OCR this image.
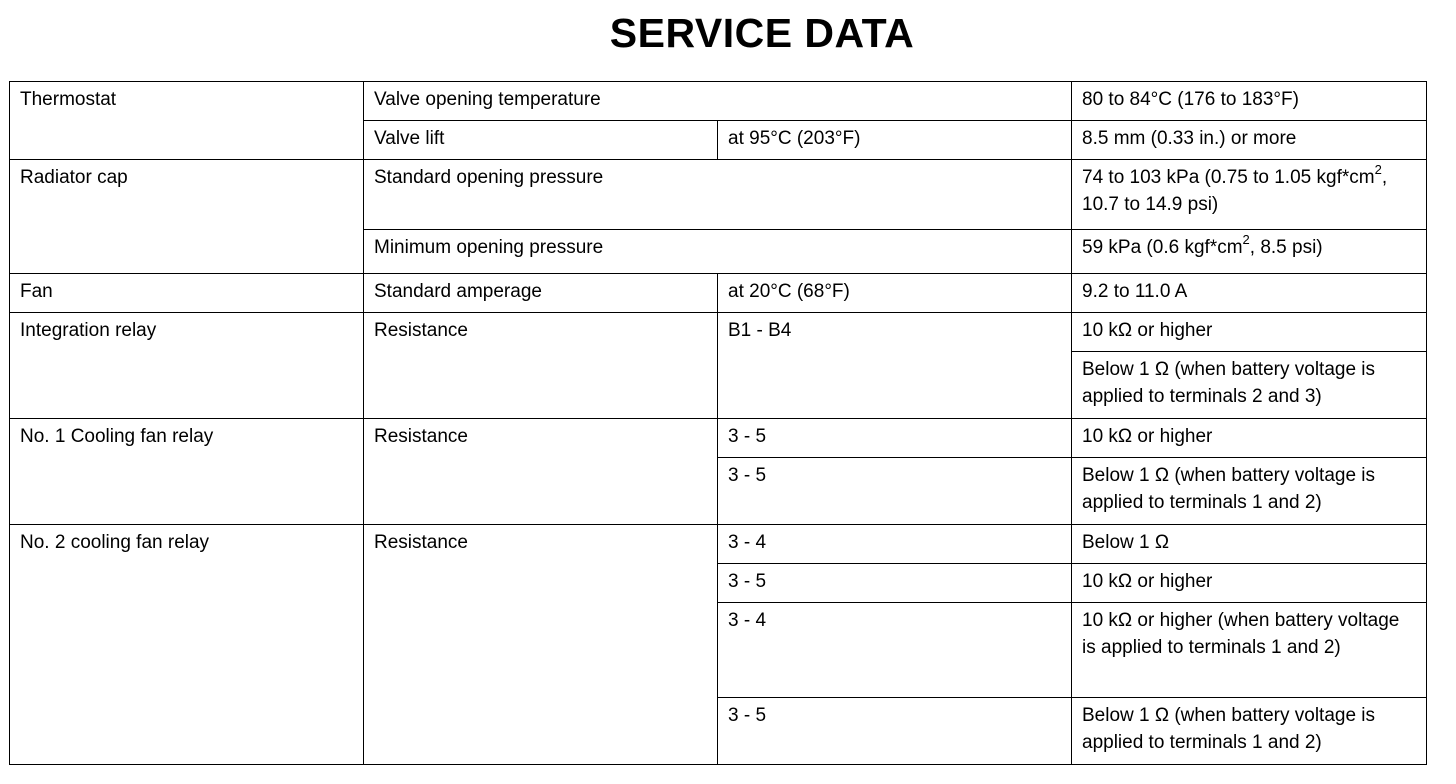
SERVICE DATA
Thermostat	Valve opening temperature		80 to 84°C (176 to 183°F)
	Valve lift	at 95°C (203°F)	8.5 mm (0.33 in.) or more
Radiator cap	Standard opening pressure		74 to 103 kPa (0.75 to 1.05 $kgf*cm^2$, 10.7 to 14.9 psi)
	Minimum opening pressure		59 kPa (0.6 $kgf*cm^2$, 8.5 psi)
Fan	Standard amperage	at 20°C (68°F)	9.2 to 11.0 A
Integration relay	Resistance	B1 - B4	10 kΩ or higher
			Below 1 Ω (when battery voltage is applied to terminals 2 and 3)
No. 1 Cooling fan relay	Resistance	3 - 5	10 kΩ or higher
		3 - 5	Below 1 Ω (when battery voltage is applied to terminals 1 and 2)
No. 2 cooling fan relay	Resistance	3 - 4	Below 1 Ω
		3 - 5	10 kΩ or higher
		3 - 4	10 kΩ or higher (when battery voltage is applied to terminals 1 and 2)
		3 - 5	Below 1 Ω (when battery voltage is applied to terminals 1 and 2)
